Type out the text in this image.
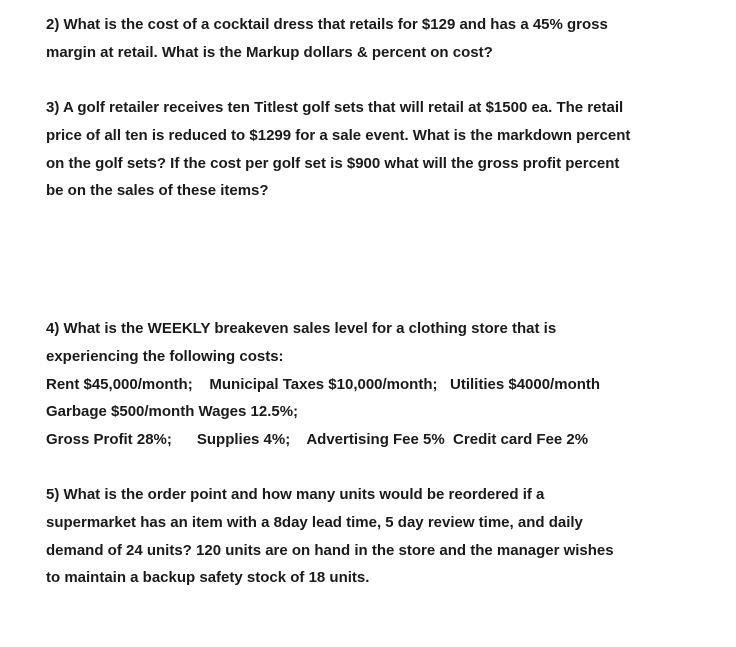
2) What is the cost of a cocktail dress that retails for $129 and has a 45% gross

margin at retail. What is the Markup dollars & percent on cost?

3) A golf retailer receives ten Titlest golf sets that will retail at $1500 ea. The retail

price of all ten is reduced to $1299 for a sale event. What is the markdown percent

on the golf sets? If the cost per golf set is $900 what will the gross profit percent

be on the sales of these items?

4) What is the WEEKLY breakeven sales level for a clothing store that is

experiencing the following costs:

Rent $45,000/month;    Municipal Taxes $10,000/month;   Utilities $4000/month

Garbage $500/month Wages 12.5%;

Gross Profit 28%;      Supplies 4%;    Advertising Fee 5%  Credit card Fee 2%

5) What is the order point and how many units would be reordered if a

supermarket has an item with a 8day lead time, 5 day review time, and daily

demand of 24 units? 120 units are on hand in the store and the manager wishes

to maintain a backup safety stock of 18 units.
